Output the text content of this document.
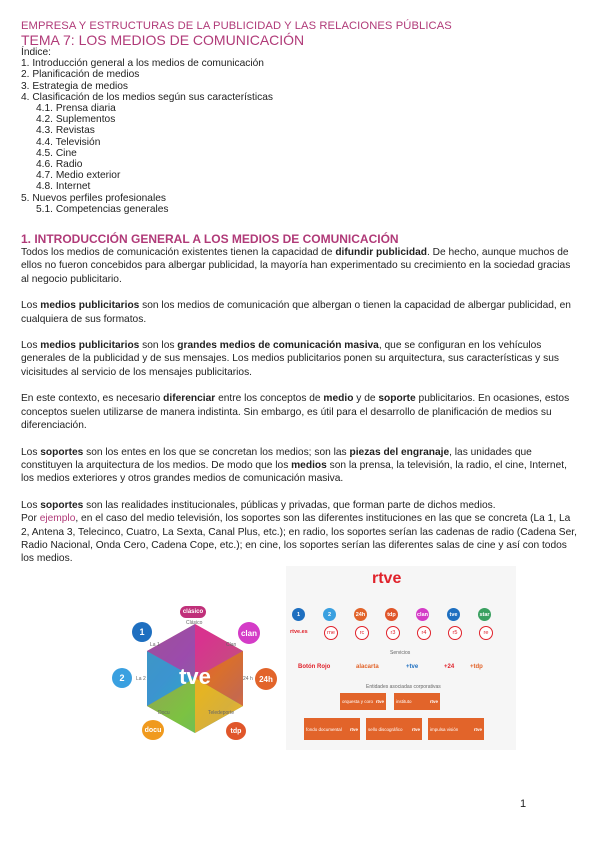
EMPRESA Y ESTRUCTURAS DE LA PUBLICIDAD Y LAS RELACIONES PÚBLICAS
TEMA 7: LOS MEDIOS DE COMUNICACIÓN
Índice:
1. Introducción general a los medios de comunicación
2. Planificación de medios
3. Estrategia de medios
4. Clasificación de los medios según sus características
4.1. Prensa diaria
4.2. Suplementos
4.3. Revistas
4.4. Televisión
4.5. Cine
4.6. Radio
4.7. Medio exterior
4.8. Internet
5. Nuevos perfiles profesionales
5.1. Competencias generales
1. INTRODUCCIÓN GENERAL A LOS MEDIOS DE COMUNICACIÓN

Todos los medios de comunicación existentes tienen la capacidad de difundir publicidad. De hecho, aunque muchos de ellos no fueron concebidos para albergar publicidad, la mayoría han experimentado su crecimiento en la sociedad gracias al negocio publicitario.

Los medios publicitarios son los medios de comunicación que albergan o tienen la capacidad de albergar publicidad, en cualquiera de sus formatos.

Los medios publicitarios son los grandes medios de comunicación masiva, que se configuran en los vehículos generales de la publicidad y de sus mensajes. Los medios publicitarios ponen su arquitectura, sus características y sus vicisitudes al servicio de los mensajes publicitarios.

En este contexto, es necesario diferenciar entre los conceptos de medio y de soporte publicitarios. En ocasiones, estos conceptos suelen utilizarse de manera indistinta. Sin embargo, es útil para el desarrollo de planificación de medios su diferenciación.

Los soportes son los entes en los que se concretan los medios; son las piezas del engranaje, las unidades que constituyen la arquitectura de los medios. De modo que los medios son la prensa, la televisión, la radio, el cine, Internet, los medios exteriores y otros grandes medios de comunicación masiva.

Los soportes son las realidades institucionales, públicas y privadas, que forman parte de dichos medios.

Por ejemplo, en el caso del medio televisión, los soportes son las diferentes instituciones en las que se concreta (La 1, La 2, Antena 3, Telecinco, Cuatro, La Sexta, Canal Plus, etc.); en radio, los soportes serían las cadenas de radio (Cadena Ser, Radio Nacional, Onda Cero, Cadena Cope, etc.); en cine, los soportes serían las diferentes salas de cine y así con todos los medios.

tve
clásico
1	clan
2	24h
docu	tdp
Clásico
La 1	Clan
La 2	24 h
Docu	Teledeporte
rtve
1	2	24h	tdp	clan	tve	star
rtve.es	rne	rc	r3	r4	r5	re
Servicios
Botón Rojo	alacarta	+tve	+24	+tdp
Entidades asociadas corporativas
orquesta y coro rtve	instituto	rtve
fondo documental rtve sello discográfico rtve impulsa visión	rtve
1
